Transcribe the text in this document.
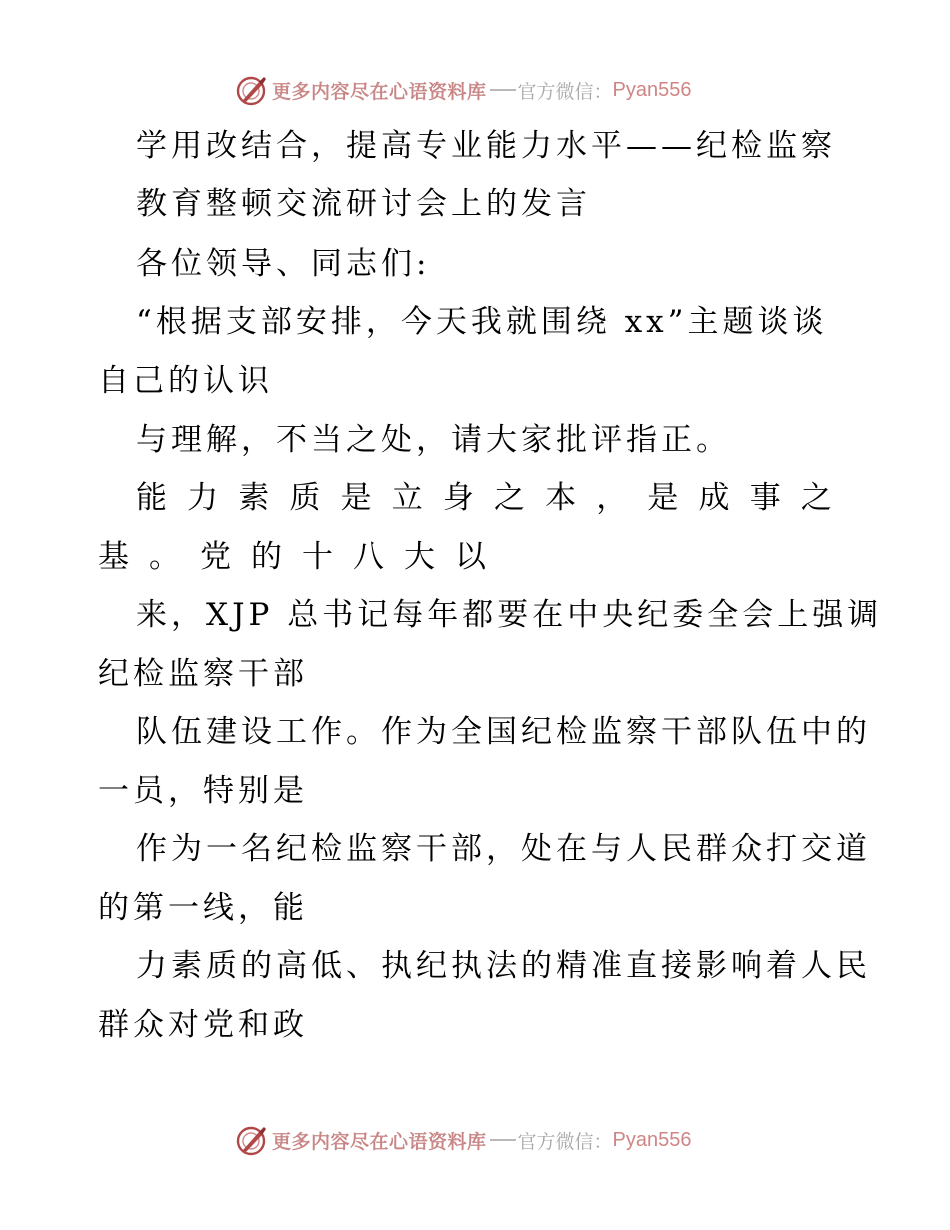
更多内容尽在心语资料库 官方微信： Pyan556
学用改结合，提高专业能力水平——纪检监察
教育整顿交流研讨会上的发言
各位领导、同志们:
“根据支部安排，今天我就围绕 xx”主题谈谈
自己的认识
与理解，不当之处，请大家批评指正。
能 力 素 质 是 立 身 之 本 ， 是 成 事 之
基 。 党 的 十 八 大 以
来，XJP 总书记每年都要在中央纪委全会上强调
纪检监察干部
队伍建设工作。作为全国纪检监察干部队伍中的
一员，特别是
作为一名纪检监察干部，处在与人民群众打交道
的第一线，能
力素质的高低、执纪执法的精准直接影响着人民
群众对党和政
更多内容尽在心语资料库 官方微信： Pyan556
